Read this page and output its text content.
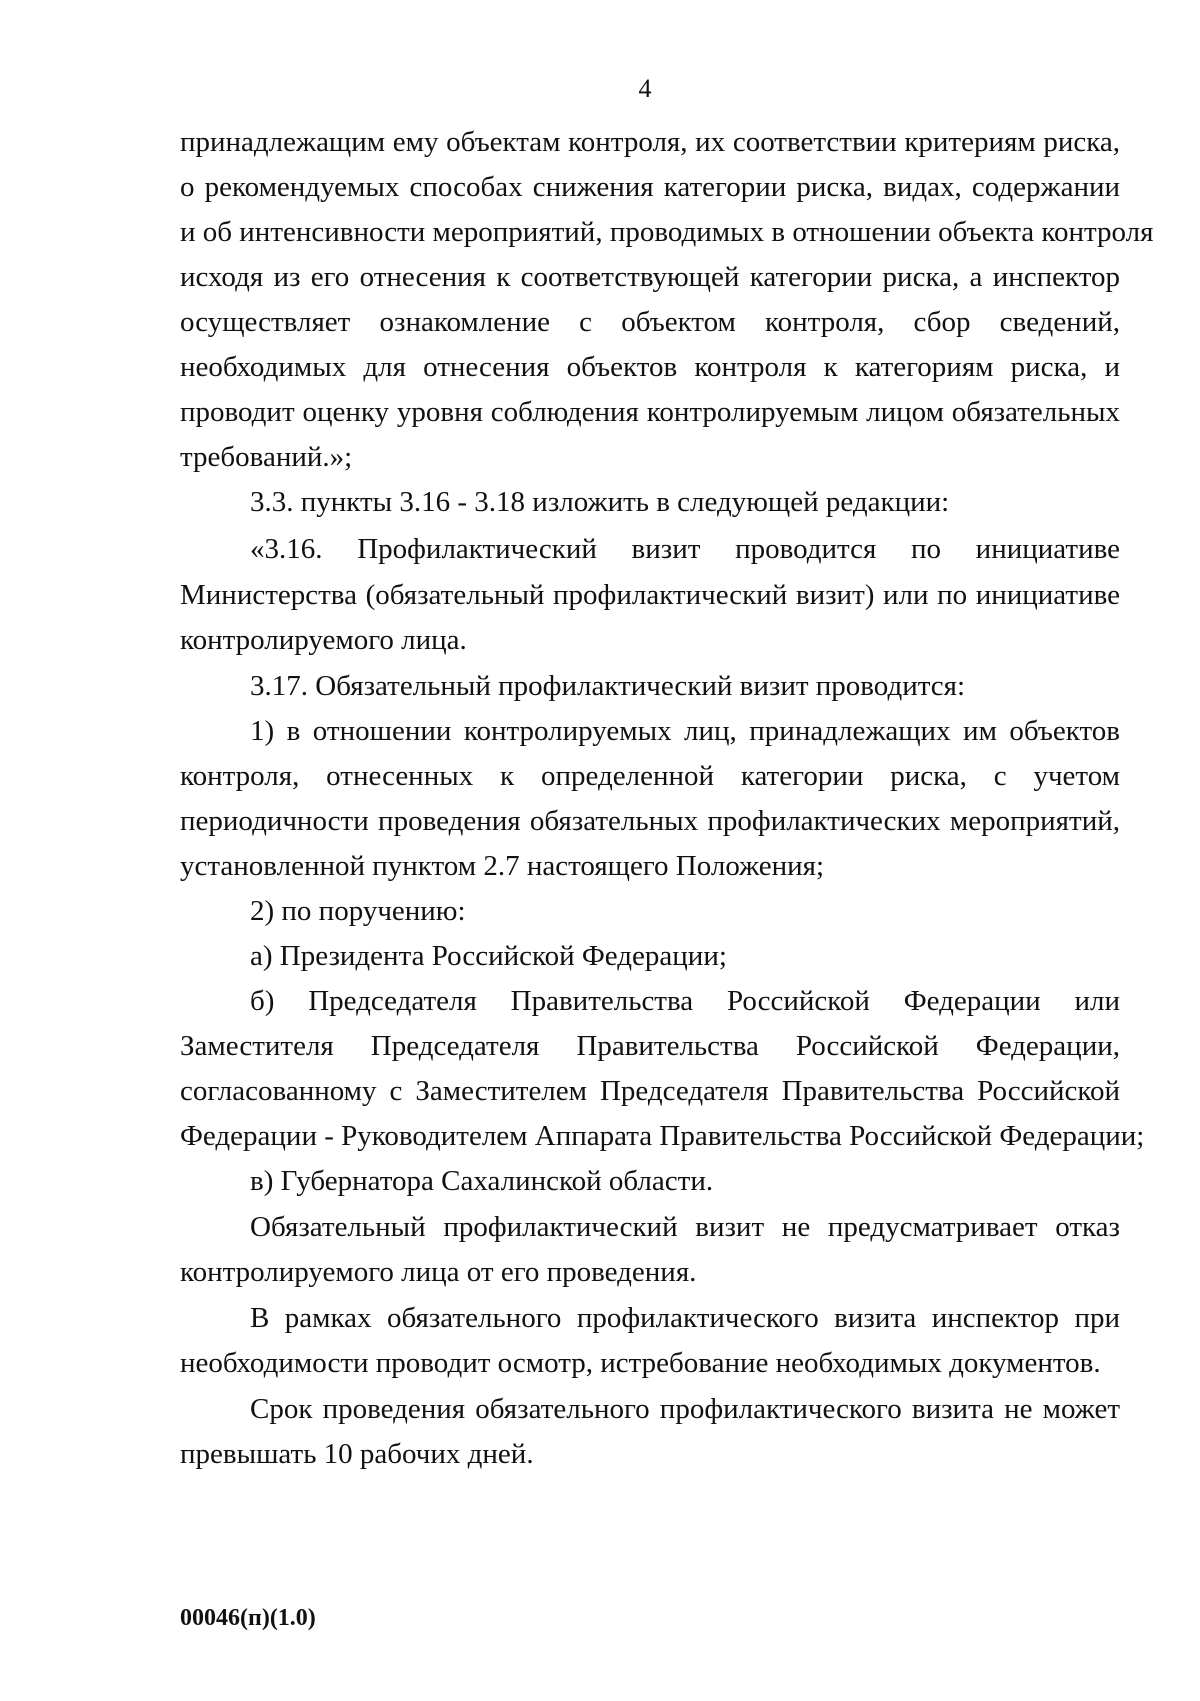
4
принадлежащим ему объектам контроля, их соответствии критериям риска,
о рекомендуемых способах снижения категории риска, видах, содержании
и об интенсивности мероприятий, проводимых в отношении объекта контроля
исходя из его отнесения к соответствующей категории риска, а инспектор
осуществляет ознакомление с объектом контроля, сбор сведений,
необходимых для отнесения объектов контроля к категориям риска, и
проводит оценку уровня соблюдения контролируемым лицом обязательных
требований.»;
3.3. пункты 3.16 - 3.18 изложить в следующей редакции:
«3.16. Профилактический визит проводится по инициативе
Министерства (обязательный профилактический визит) или по инициативе
контролируемого лица.
3.17. Обязательный профилактический визит проводится:
1) в отношении контролируемых лиц, принадлежащих им объектов
контроля, отнесенных к определенной категории риска, с учетом
периодичности проведения обязательных профилактических мероприятий,
установленной пунктом 2.7 настоящего Положения;
2) по поручению:
а) Президента Российской Федерации;
б) Председателя Правительства Российской Федерации или
Заместителя Председателя Правительства Российской Федерации,
согласованному с Заместителем Председателя Правительства Российской
Федерации - Руководителем Аппарата Правительства Российской Федерации;
в) Губернатора Сахалинской области.
Обязательный профилактический визит не предусматривает отказ
контролируемого лица от его проведения.
В рамках обязательного профилактического визита инспектор при
необходимости проводит осмотр, истребование необходимых документов.
Срок проведения обязательного профилактического визита не может
превышать 10 рабочих дней.
00046(п)(1.0)
